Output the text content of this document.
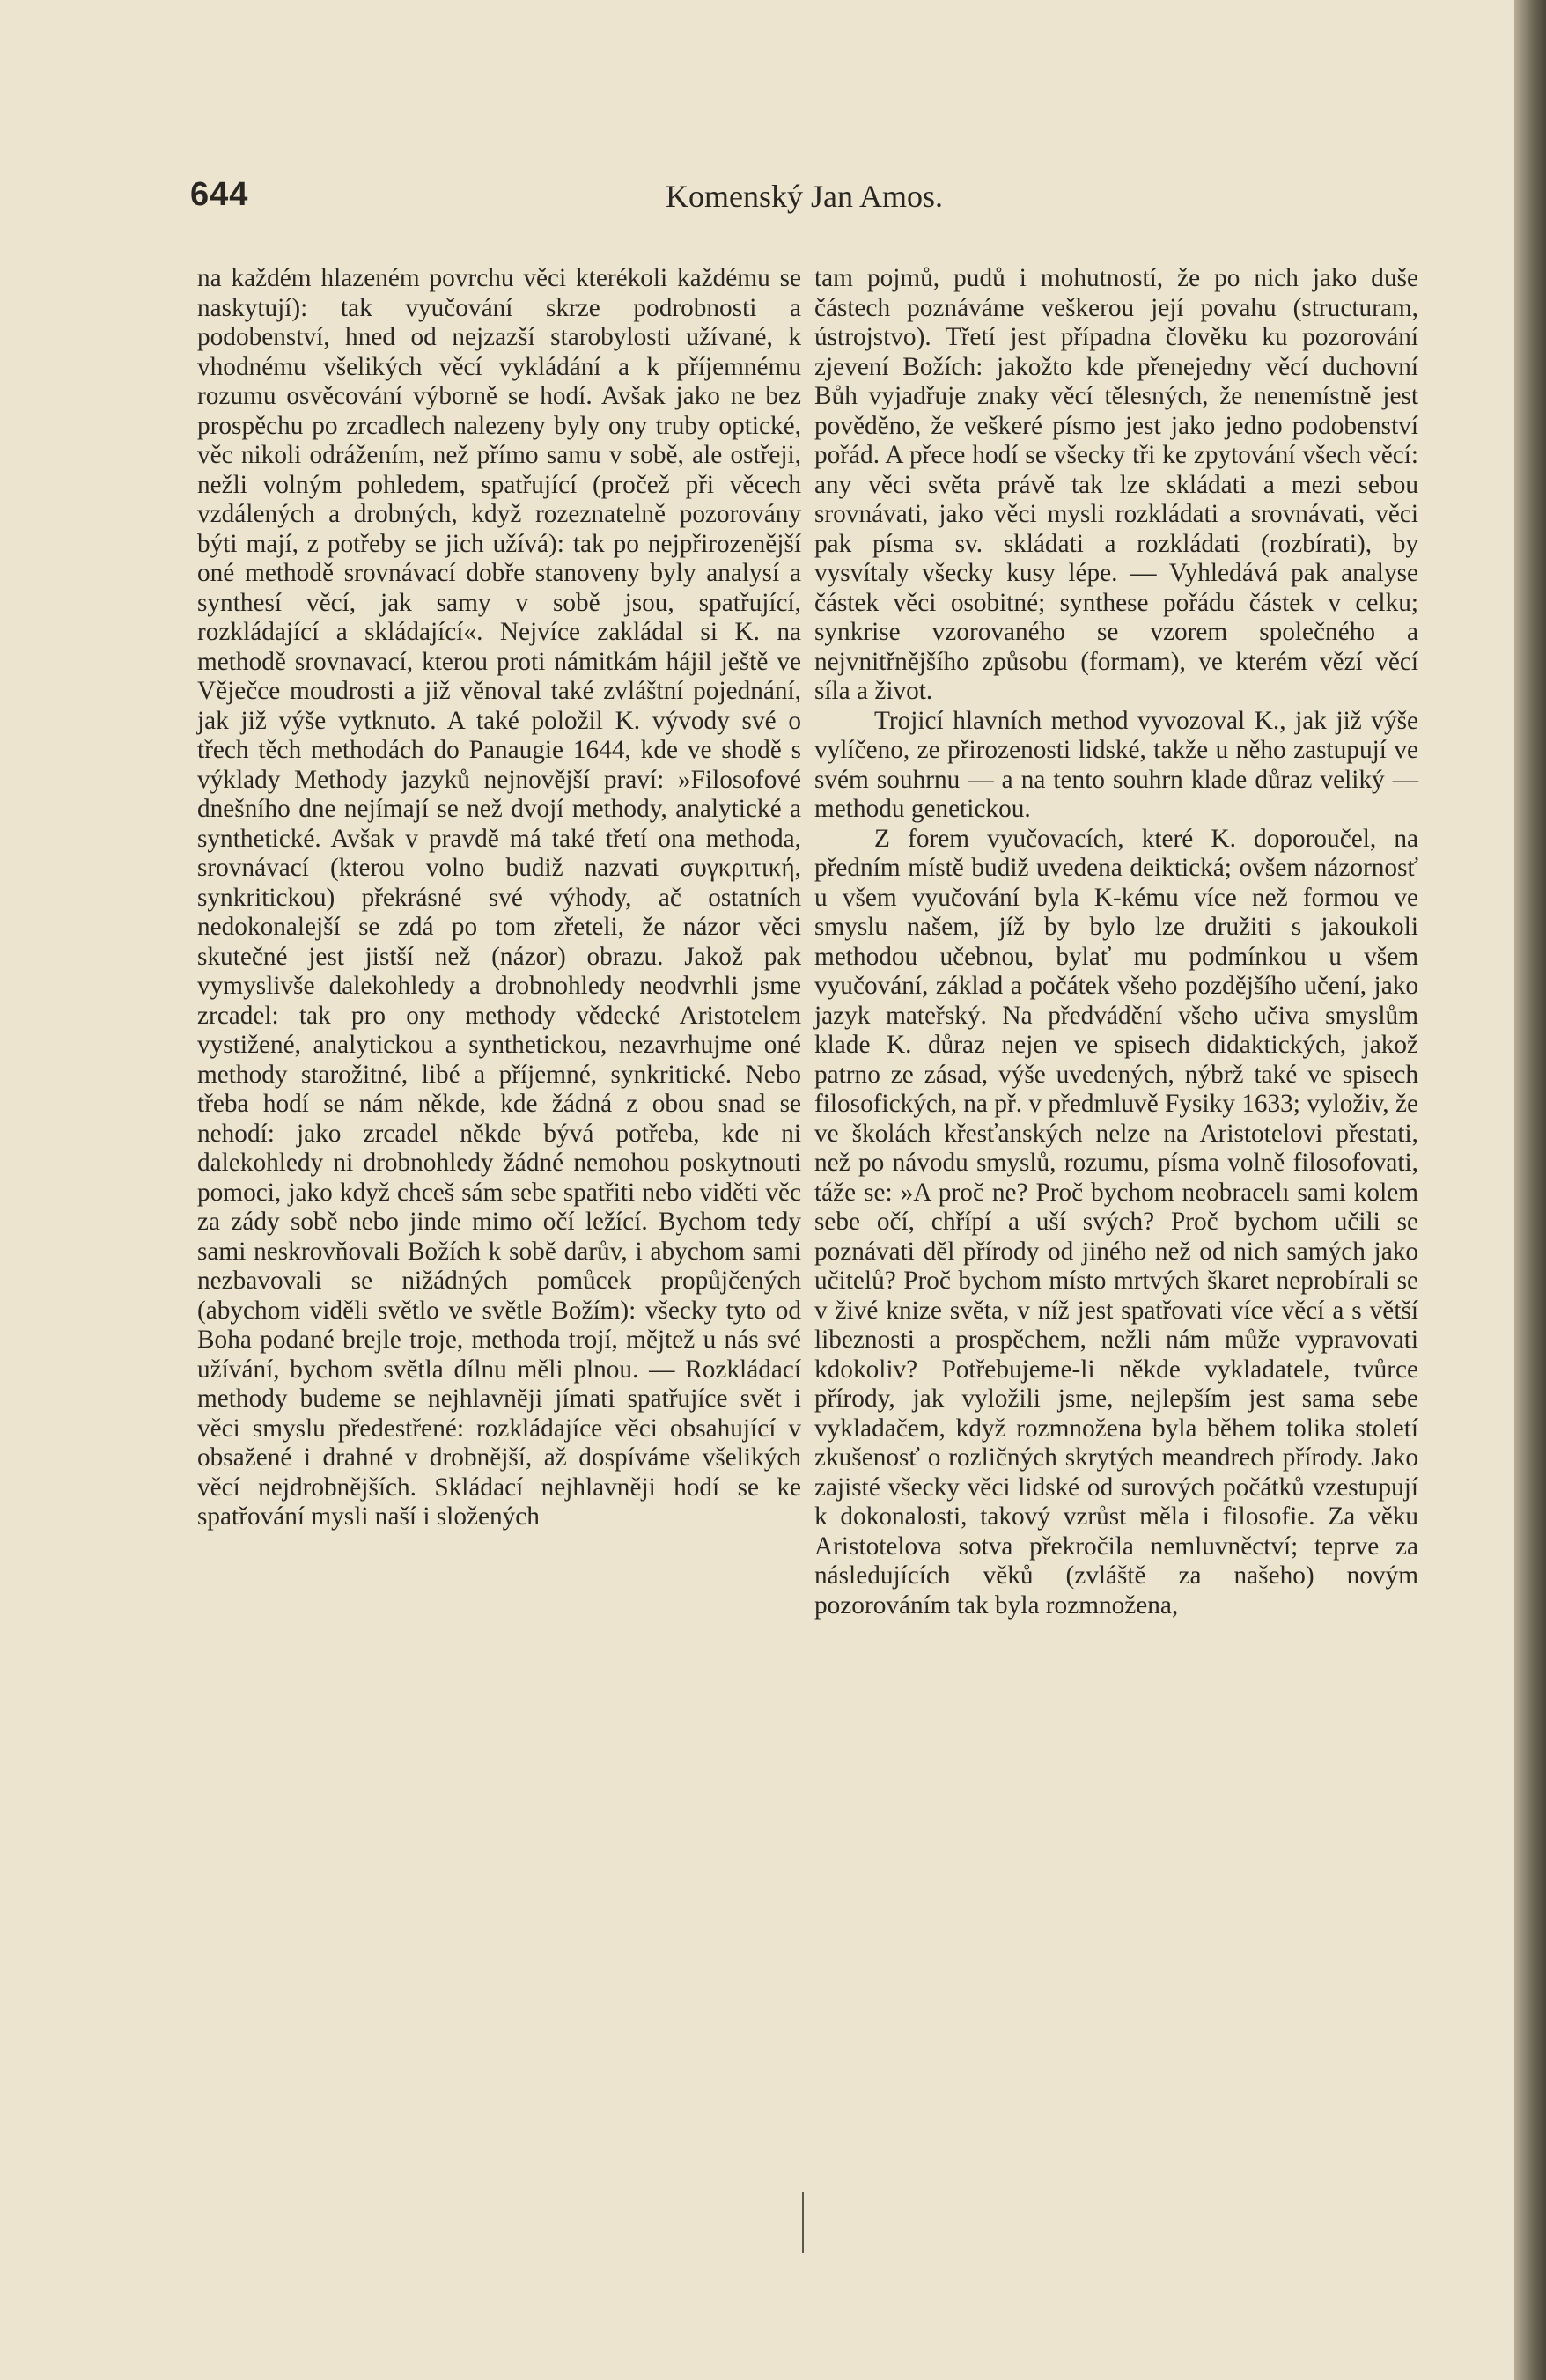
644	Komenský Jan Amos.

na každém hlazeném povrchu věci kterékoli každému se naskytují): tak vyučování skrze podrobnosti a podobenství, hned od nejzazší starobylosti užívané, k vhodnému všelikých věcí vykládání a k příjemnému rozumu osvěcování výborně se hodí. Avšak jako ne bez prospěchu po zrcadlech nalezeny byly ony truby optické, věc nikoli odrážením, než přímo samu v sobě, ale ostřeji, nežli volným pohledem, spatřující (pročež při věcech vzdálených a drobných, když rozeznatelně pozorovány býti mají, z potřeby se jich užívá): tak po nejpřirozenější oné methodě srovnávací dobře stanoveny byly analysí a synthesí věcí, jak samy v sobě jsou, spatřující, rozkládající a skládající«. Nejvíce zakládal si K. na methodě srovnavací, kterou proti námitkám hájil ještě ve Věječce moudrosti a již věnoval také zvláštní pojednání, jak již výše vytknuto. A také položil K. vývody své o třech těch methodách do Panaugie 1644, kde ve shodě s výklady Methody jazyků nejnovější praví: »Filosofové dnešního dne nejímají se než dvojí methody, analytické a synthetické. Avšak v pravdě má také třetí ona methoda, srovnávací (kterou volno budiž nazvati συγκριτική, synkritickou) překrásné své výhody, ač ostatních nedokonalejší se zdá po tom zřeteli, že názor věci skutečné jest jistší než (názor) obrazu. Jakož pak vymyslivše dalekohledy a drobnohledy neodvrhli jsme zrcadel: tak pro ony methody vědecké Aristotelem vystižené, analytickou a synthetickou, nezavrhujme oné methody starožitné, libé a příjemné, synkritické. Nebo třeba hodí se nám někde, kde žádná z obou snad se nehodí: jako zrcadel někde bývá potřeba, kde ni dalekohledy ni drobnohledy žádné nemohou poskytnouti pomoci, jako když chceš sám sebe spatřiti nebo viděti věc za zády sobě nebo jinde mimo očí ležící. Bychom tedy sami neskrovňovali Božích k sobě darův, i abychom sami nezbavovali se nižádných pomůcek propůjčených (abychom viděli světlo ve světle Božím): všecky tyto od Boha podané brejle troje, methoda trojí, mějtež u nás své užívání, bychom světla dílnu měli plnou. — Rozkládací methody budeme se nejhlavněji jímati spatřujíce svět i věci smyslu předestřené: rozkládajíce věci obsahující v obsažené i drahné v drobnější, až dospíváme všelikých věcí nejdrobnějších. Skládací nejhlavněji hodí se ke spatřování mysli naší i složených

tam pojmů, pudů i mohutností, že po nich jako duše částech poznáváme veškerou její povahu (structuram, ústrojstvo). Třetí jest případna člověku ku pozorování zjevení Božích: jakožto kde přenejedny věcí duchovní Bůh vyjadřuje znaky věcí tělesných, že nenemístně jest pověděno, že veškeré písmo jest jako jedno podobenství pořád. A přece hodí se všecky tři ke zpytování všech věcí: any věci světa právě tak lze skládati a mezi sebou srovnávati, jako věci mysli rozkládati a srovnávati, věci pak písma sv. skládati a rozkládati (rozbírati), by vysvítaly všecky kusy lépe. — Vyhledává pak analyse částek věci osobitné; synthese pořádu částek v celku; synkrise vzorovaného se vzorem společného a nejvnitřnějšího způsobu (formam), ve kterém vězí věcí síla a život.

Trojicí hlavních method vyvozoval K., jak již výše vylíčeno, ze přirozenosti lidské, takže u něho zastupují ve svém souhrnu — a na tento souhrn klade důraz veliký — methodu genetickou.

Z forem vyučovacích, které K. doporoučel, na předním místě budiž uvedena deiktická; ovšem názornosť u všem vyučování byla K-kému více než formou ve smyslu našem, jíž by bylo lze družiti s jakoukoli methodou učebnou, bylať mu podmínkou u všem vyučování, základ a počátek všeho pozdějšího učení, jako jazyk mateřský. Na předvádění všeho učiva smyslům klade K. důraz nejen ve spisech didaktických, jakož patrno ze zásad, výše uvedených, nýbrž také ve spisech filosofických, na př. v předmluvě Fysiky 1633; vyloživ, že ve školách křesťanských nelze na Aristotelovi přestati, než po návodu smyslů, rozumu, písma volně filosofovati, táže se: »A proč ne? Proč bychom neobracelı sami kolem sebe očí, chřípí a uší svých? Proč bychom učili se poznávati děl přírody od jiného než od nich samých jako učitelů? Proč bychom místo mrtvých škaret neprobírali se v živé knize světa, v níž jest spatřovati více věcí a s větší libeznosti a prospěchem, nežli nám může vypravovati kdokoliv? Potřebujeme-li někde vykladatele, tvůrce přírody, jak vyložili jsme, nejlepším jest sama sebe vykladačem, když rozmnožena byla během tolika století zkušenosť o rozličných skrytých meandrech přírody. Jako zajisté všecky věci lidské od surových počátků vzestupují k dokonalosti, takový vzrůst měla i filosofie. Za věku Aristotelova sotva překročila nemluvněctví; teprve za následujících věků (zvláště za našeho) novým pozorováním tak byla rozmnožena,
